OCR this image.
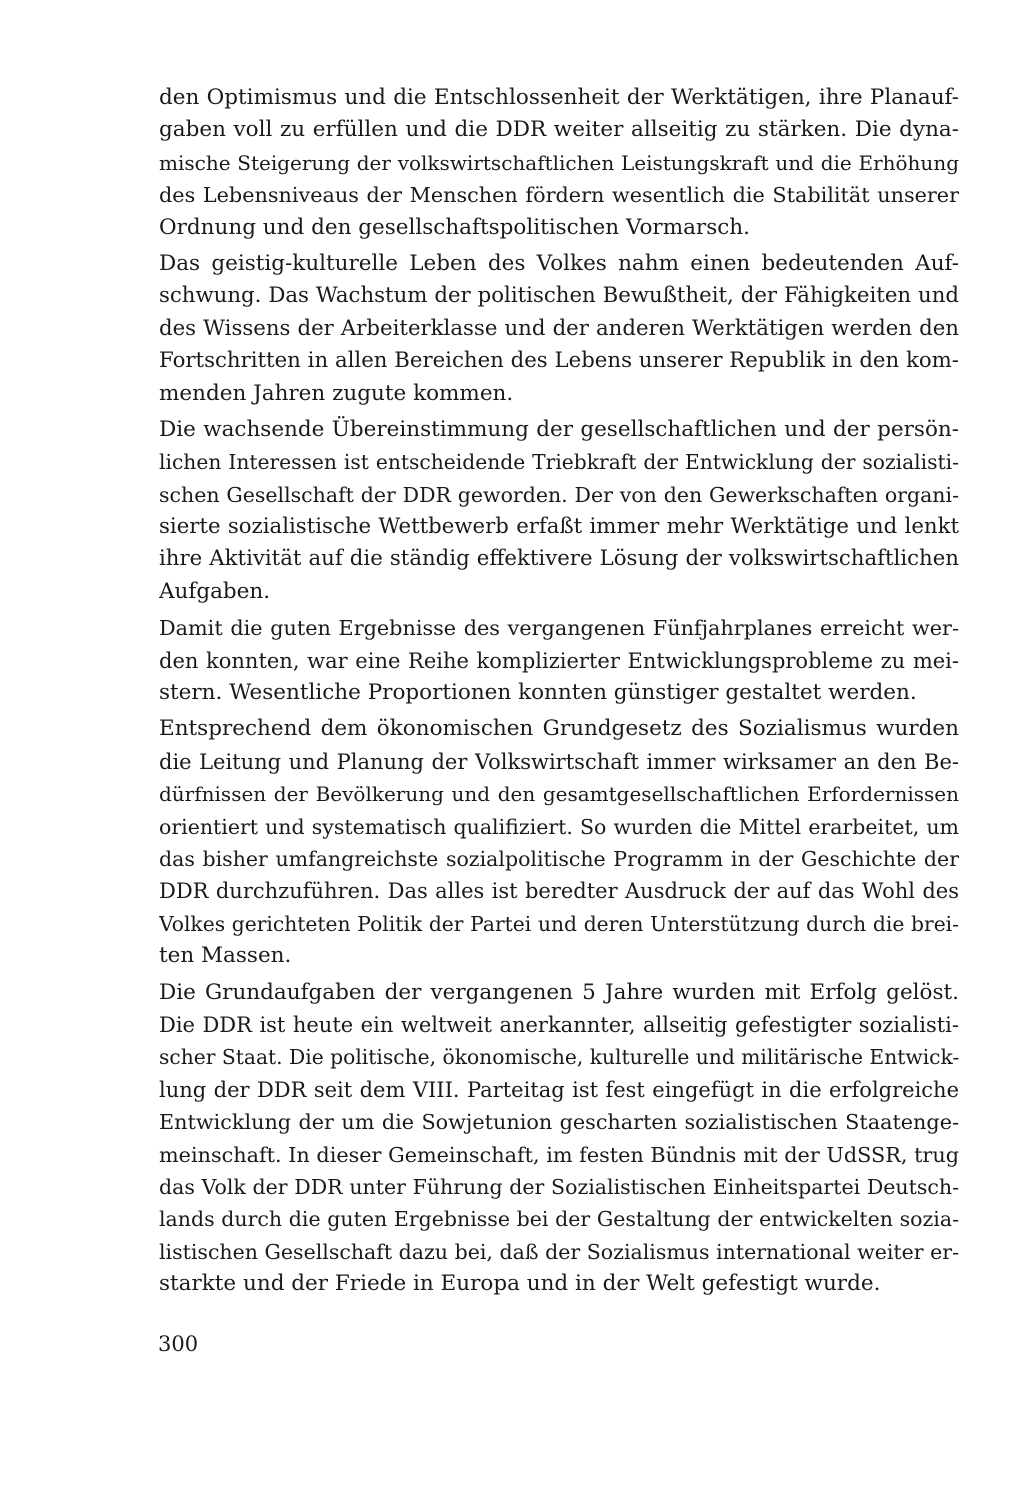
den Optimismus und die Entschlossenheit der Werktätigen, ihre Planauf-
gaben voll zu erfüllen und die DDR weiter allseitig zu stärken. Die dyna-
mische Steigerung der volkswirtschaftlichen Leistungskraft und die Erhöhung
des Lebensniveaus der Menschen fördern wesentlich die Stabilität unserer
Ordnung und den gesellschaftspolitischen Vormarsch.
Das geistig-kulturelle Leben des Volkes nahm einen bedeutenden Auf-
schwung. Das Wachstum der politischen Bewußtheit, der Fähigkeiten und
des Wissens der Arbeiterklasse und der anderen Werktätigen werden den
Fortschritten in allen Bereichen des Lebens unserer Republik in den kom-
menden Jahren zugute kommen.
Die wachsende Übereinstimmung der gesellschaftlichen und der persön-
lichen Interessen ist entscheidende Triebkraft der Entwicklung der sozialisti-
schen Gesellschaft der DDR geworden. Der von den Gewerkschaften organi-
sierte sozialistische Wettbewerb erfaßt immer mehr Werktätige und lenkt
ihre Aktivität auf die ständig effektivere Lösung der volkswirtschaftlichen
Aufgaben.
Damit die guten Ergebnisse des vergangenen Fünfjahrplanes erreicht wer-
den konnten, war eine Reihe komplizierter Entwicklungsprobleme zu mei-
stern. Wesentliche Proportionen konnten günstiger gestaltet werden.
Entsprechend dem ökonomischen Grundgesetz des Sozialismus wurden
die Leitung und Planung der Volkswirtschaft immer wirksamer an den Be-
dürfnissen der Bevölkerung und den gesamtgesellschaftlichen Erfordernissen
orientiert und systematisch qualifiziert. So wurden die Mittel erarbeitet, um
das bisher umfangreichste sozialpolitische Programm in der Geschichte der
DDR durchzuführen. Das alles ist beredter Ausdruck der auf das Wohl des
Volkes gerichteten Politik der Partei und deren Unterstützung durch die brei-
ten Massen.
Die Grundaufgaben der vergangenen 5 Jahre wurden mit Erfolg gelöst.
Die DDR ist heute ein weltweit anerkannter, allseitig gefestigter sozialisti-
scher Staat. Die politische, ökonomische, kulturelle und militärische Entwick-
lung der DDR seit dem VIII. Parteitag ist fest eingefügt in die erfolgreiche
Entwicklung der um die Sowjetunion gescharten sozialistischen Staatenge-
meinschaft. In dieser Gemeinschaft, im festen Bündnis mit der UdSSR, trug
das Volk der DDR unter Führung der Sozialistischen Einheitspartei Deutsch-
lands durch die guten Ergebnisse bei der Gestaltung der entwickelten sozia-
listischen Gesellschaft dazu bei, daß der Sozialismus international weiter er-
starkte und der Friede in Europa und in der Welt gefestigt wurde.
300
